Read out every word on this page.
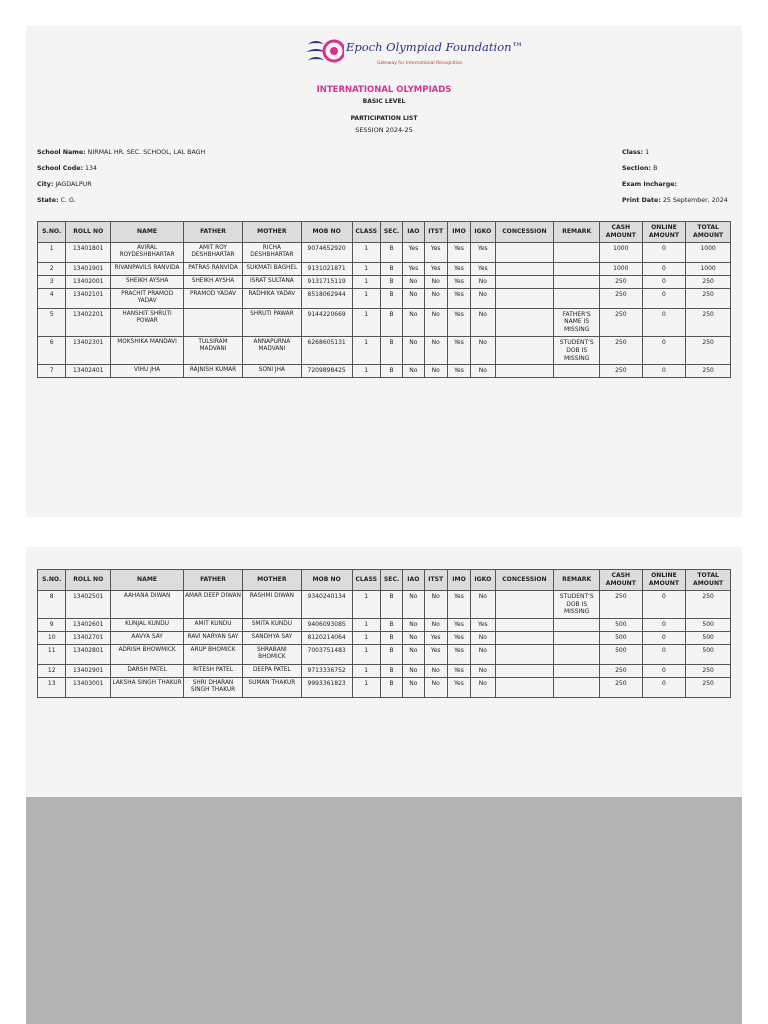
Epoch Olympiad Foundation™
Gateway for International Recognition
INTERNATIONAL OLYMPIADS
BASIC LEVEL
PARTICIPATION LIST
SESSION 2024-25
School Name: NIRMAL HR. SEC. SCHOOL, LAL BAGH
School Code: 134
City: JAGDALPUR
State: C. G.
Class: 1
Section: B
Exam Incharge:
Print Date: 25 September, 2024
S.NO.	ROLL NO	NAME	FATHER	MOTHER	MOB NO	CLASS	SEC.	IAO	ITST	IMO	IGKO	CONCESSION	REMARK	CASH AMOUNT	ONLINE AMOUNT	TOTAL AMOUNT
1	13401801	AVIRAL ROYDESHBHARTAR	AMIT ROY DESHBHARTAR	RICHA DESHBHARTAR	9074652920	1	B	Yes	Yes	Yes	Yes			1000	0	1000
2	13401901	RIVANPAVILS RANVIDA	PATRAS RANVIDA	SUKMATI BAGHEL	9131021871	1	B	Yes	Yes	Yes	Yes			1000	0	1000
3	13402001	SHEIKH AYSHA	SHEIKH AYSHA	ISRAT SULTANA	9131715119	1	B	No	No	Yes	No			250	0	250
4	13402101	PRACHIT PRAMOD YADAV	PRAMOD YADAV	RADHIKA YADAV	8518062944	1	B	No	No	Yes	No			250	0	250
5	13402201	HANSHIT SHRUTI POWAR		SHRUTI PAWAR	9144220669	1	B	No	No	Yes	No		FATHER'S NAME IS MISSING	250	0	250
6	13402301	MOKSHIKA MANDAVI	TULSIRAM MADVANI	ANNAPURNA MADVANI	6268605131	1	B	No	No	Yes	No		STUDENT'S DOB IS MISSING	250	0	250
7	13402401	VIHU JHA	RAJNISH KUMAR	SONI JHA	7209898425	1	B	No	No	Yes	No			250	0	250
S.NO.	ROLL NO	NAME	FATHER	MOTHER	MOB NO	CLASS	SEC.	IAO	ITST	IMO	IGKO	CONCESSION	REMARK	CASH AMOUNT	ONLINE AMOUNT	TOTAL AMOUNT
8	13402501	AAHANA DIWAN	AMAR DEEP DIWAN	RASHMI DIWAN	9340240134	1	B	No	No	Yes	No		STUDENT'S DOB IS MISSING	250	0	250
9	13402601	KUNJAL KUNDU	AMIT KUNDU	SMITA KUNDU	9406093085	1	B	No	No	Yes	Yes			500	0	500
10	13402701	AAVYA SAY	RAVI NARYAN SAY	SANDHYA SAY	8120214064	1	B	No	Yes	Yes	No			500	0	500
11	13402801	ADRISH BHOWMICK	ARUP BHOMICK	SHRABANI BHOMICK	7003751483	1	B	No	Yes	Yes	No			500	0	500
12	13402901	DARSH PATEL	RITESH PATEL	DEEPA PATEL	9713336752	1	B	No	No	Yes	No			250	0	250
13	13403001	LAKSHA SINGH THAKUR	SHRI DHARAN SINGH THAKUR	SUMAN THAKUR	9993361823	1	B	No	No	Yes	No			250	0	250
